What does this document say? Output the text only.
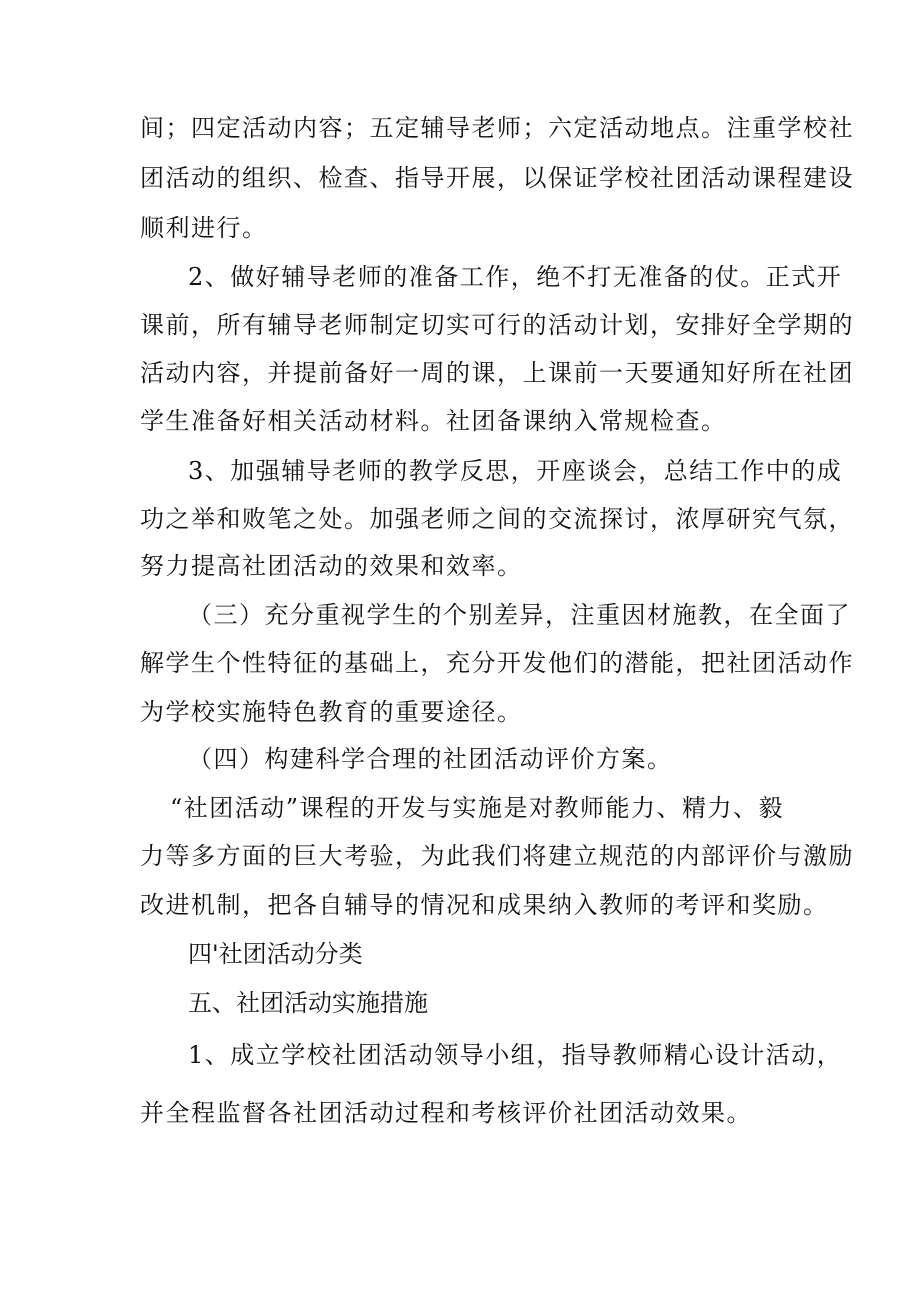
间；四定活动内容；五定辅导老师；六定活动地点。注重学校社
团活动的组织、检查、指导开展，以保证学校社团活动课程建设
顺利进行。
2、做好辅导老师的准备工作，绝不打无准备的仗。正式开
课前，所有辅导老师制定切实可行的活动计划，安排好全学期的
活动内容，并提前备好一周的课，上课前一天要通知好所在社团
学生准备好相关活动材料。社团备课纳入常规检查。
3、加强辅导老师的教学反思，开座谈会，总结工作中的成
功之举和败笔之处。加强老师之间的交流探讨，浓厚研究气氛，
努力提高社团活动的效果和效率。
（三）充分重视学生的个别差异，注重因材施教，在全面了
解学生个性特征的基础上，充分开发他们的潜能，把社团活动作
为学校实施特色教育的重要途径。
（四）构建科学合理的社团活动评价方案。
“社团活动”课程的开发与实施是对教师能力、精力、毅
力等多方面的巨大考验，为此我们将建立规范的内部评价与激励
改进机制，把各自辅导的情况和成果纳入教师的考评和奖励。
四'社团活动分类
五、社团活动实施措施
1、成立学校社团活动领导小组，指导教师精心设计活动，
并全程监督各社团活动过程和考核评价社团活动效果。
